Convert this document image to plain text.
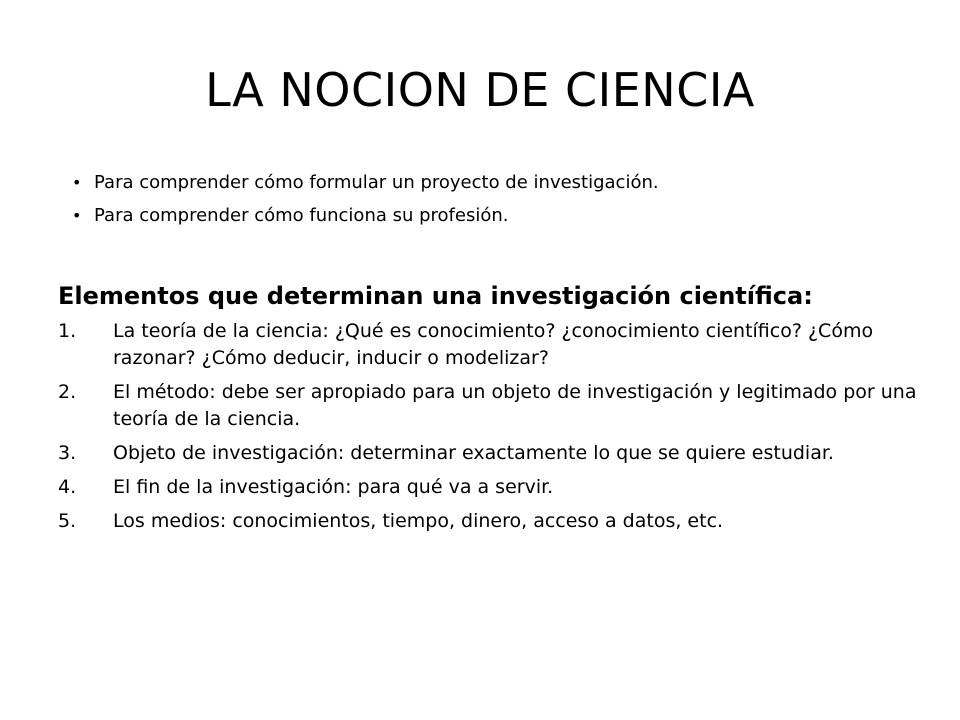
LA NOCION DE CIENCIA
• Para comprender cómo formular un proyecto de investigación.
• Para comprender cómo funciona su profesión.
Elementos que determinan una investigación científica:
1. La teoría de la ciencia: ¿Qué es conocimiento? ¿conocimiento científico? ¿Cómo razonar? ¿Cómo deducir, inducir o modelizar?
2. El método: debe ser apropiado para un objeto de investigación y legitimado por una teoría de la ciencia.
3. Objeto de investigación: determinar exactamente lo que se quiere estudiar.
4. El fin de la investigación: para qué va a servir.
5. Los medios: conocimientos, tiempo, dinero, acceso a datos, etc.
